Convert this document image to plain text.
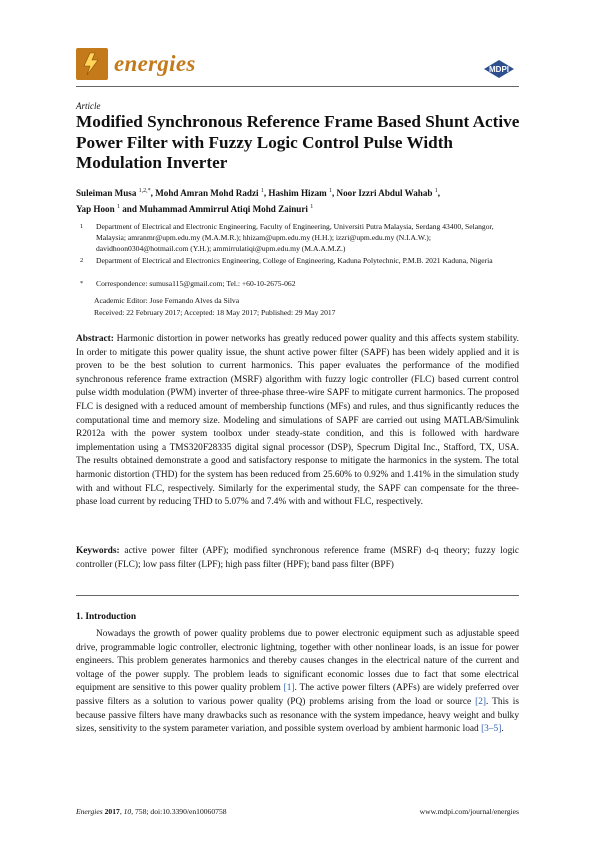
energies	MDPI
Article
Modified Synchronous Reference Frame Based Shunt Active Power Filter with Fuzzy Logic Control Pulse Width Modulation Inverter
Suleiman Musa $^{1,2,*}$, Mohd Amran Mohd Radzi $^1$, Hashim Hizam $^1$, Noor Izzri Abdul Wahab $^1$,
Yap Hoon $^1$ and Muhammad Ammirrul Atiqi Mohd Zainuri $^1$
1 Department of Electrical and Electronic Engineering, Faculty of Engineering, Universiti Putra Malaysia, Serdang 43400, Selangor, Malaysia; amranmr@upm.edu.my (M.A.M.R.); hhizam@upm.edu.my (H.H.); izzri@upm.edu.my (N.I.A.W.); davidhoon0304@hotmail.com (Y.H.); ammirrulatiqi@upm.edu.my (M.A.A.M.Z.)
2 Department of Electrical and Electronics Engineering, College of Engineering, Kaduna Polytechnic, P.M.B. 2021 Kaduna, Nigeria
* Correspondence: sumusa115@gmail.com; Tel.: +60-10-2675-062
Academic Editor: Jose Fernando Alves da Silva
Received: 22 February 2017; Accepted: 18 May 2017; Published: 29 May 2017
Abstract: Harmonic distortion in power networks has greatly reduced power quality and this affects system stability. In order to mitigate this power quality issue, the shunt active power filter (SAPF) has been widely applied and it is proven to be the best solution to current harmonics. This paper evaluates the performance of the modified synchronous reference frame extraction (MSRF) algorithm with fuzzy logic controller (FLC) based current control pulse width modulation (PWM) inverter of three-phase three-wire SAPF to mitigate current harmonics. The proposed FLC is designed with a reduced amount of membership functions (MFs) and rules, and thus significantly reduces the computational time and memory size. Modeling and simulations of SAPF are carried out using MATLAB/Simulink R2012a with the power system toolbox under steady-state condition, and this is followed with hardware implementation using a TMS320F28335 digital signal processor (DSP), Specrum Digital Inc., Stafford, TX, USA. The results obtained demonstrate a good and satisfactory response to mitigate the harmonics in the system. The total harmonic distortion (THD) for the system has been reduced from 25.60% to 0.92% and 1.41% in the simulation study with and without FLC, respectively. Similarly for the experimental study, the SAPF can compensate for the three-phase load current by reducing THD to 5.07% and 7.4% with and without FLC, respectively.
Keywords: active power filter (APF); modified synchronous reference frame (MSRF) d-q theory; fuzzy logic controller (FLC); low pass filter (LPF); high pass filter (HPF); band pass filter (BPF)
1. Introduction
Nowadays the growth of power quality problems due to power electronic equipment such as adjustable speed drive, programmable logic controller, electronic lightning, together with other nonlinear loads, is an issue for power engineers. This problem generates harmonics and thereby causes changes in the electrical nature of the current and voltage of the power supply. The problem leads to significant economic losses due to fact that some electrical equipment are sensitive to this power quality problem [1]. The active power filters (APFs) are widely preferred over passive filters as a solution to various power quality (PQ) problems arising from the load or source [2]. This is because passive filters have many drawbacks such as resonance with the system impedance, heavy weight and bulky sizes, sensitivity to the system parameter variation, and possible system overload by ambient harmonic load [3–5].
Energies 2017, 10, 758; doi:10.3390/en10060758	www.mdpi.com/journal/energies
